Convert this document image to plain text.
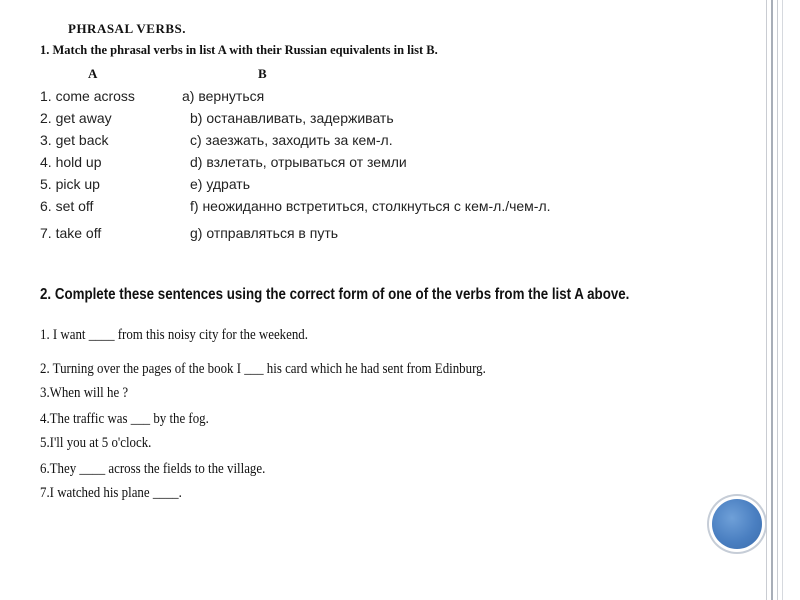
PHRASAL VERBS.
1. Match the phrasal verbs in list A with their Russian equivalents in list B.
A	B
1. come across
2. get away
3. get back
4. hold up
5. pick up
6. set off
7. take off
a) вернуться
b) останавливать, задерживать
c) заезжать, заходить за кем-л.
d) взлетать, отрываться от земли
e) удрать
f) неожиданно встретиться, столкнуться с кем-л./чем-л.
g) отправляться в путь
2. Complete these sentences using the correct form of one of the verbs from the list A above.
1. I want ____ from this noisy city for the weekend.
2. Turning over the pages of the book I ___ his card which he had sent from Edinburg.
3.When will he ?
4.The traffic was ___ by the fog.
5.I'll you at 5 o'clock.
6.They ____ across the fields to the village.
7.I watched his plane ____.
